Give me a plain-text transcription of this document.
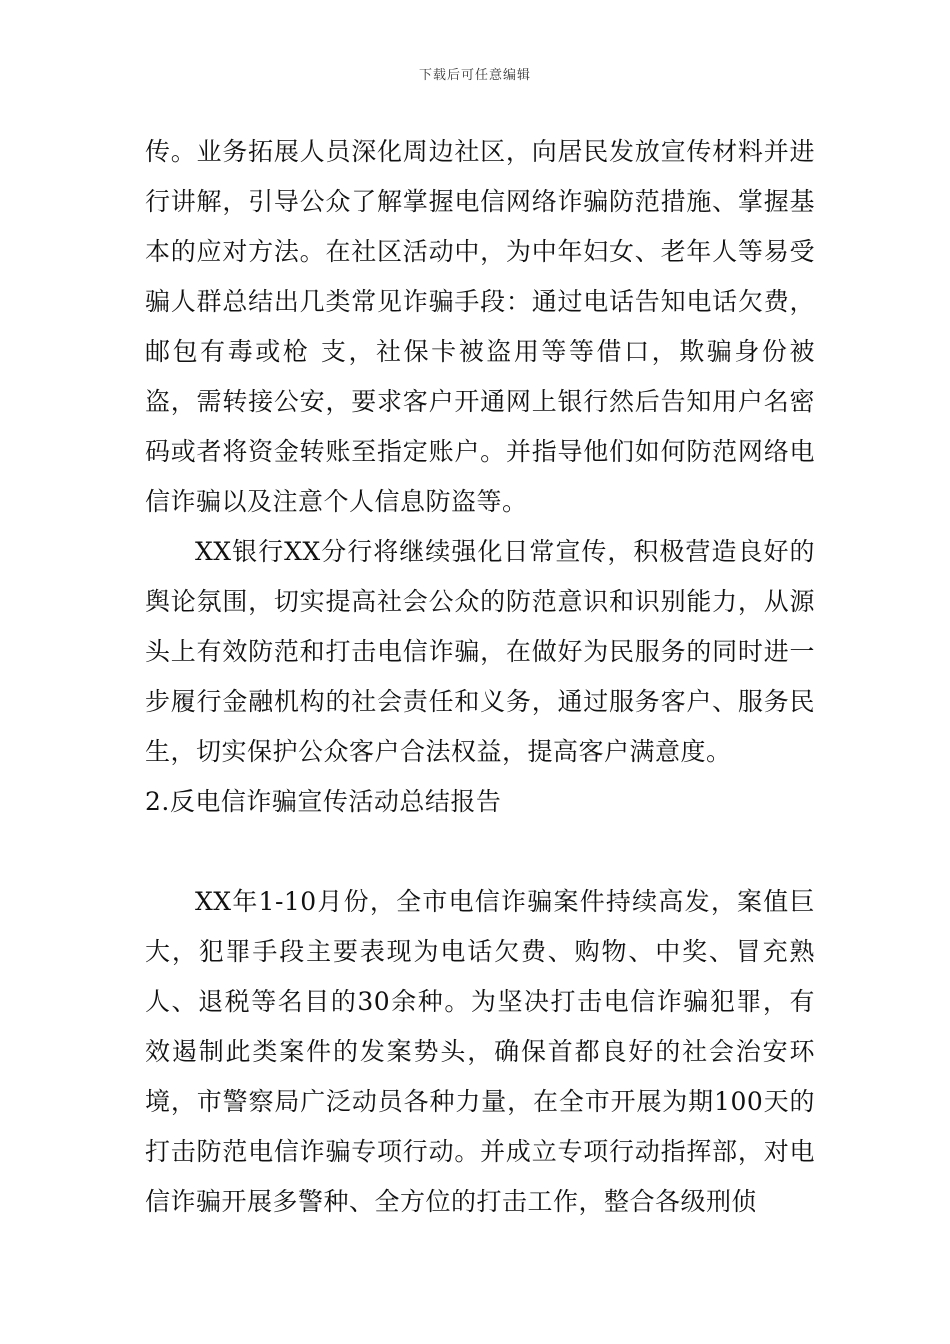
下载后可任意编辑

传。业务拓展人员深化周边社区，向居民发放宣传材料并进行讲解，引导公众了解掌握电信网络诈骗防范措施、掌握基本的应对方法。在社区活动中，为中年妇女、老年人等易受骗人群总结出几类常见诈骗手段：通过电话告知电话欠费，邮包有毒或枪 支，社保卡被盗用等等借口，欺骗身份被盗，需转接公安，要求客户开通网上银行然后告知用户名密码或者将资金转账至指定账户。并指导他们如何防范网络电信诈骗以及注意个人信息防盗等。

XX银行XX分行将继续强化日常宣传，积极营造良好的舆论氛围，切实提高社会公众的防范意识和识别能力，从源头上有效防范和打击电信诈骗，在做好为民服务的同时进一步履行金融机构的社会责任和义务，通过服务客户、服务民生，切实保护公众客户合法权益，提高客户满意度。

2.反电信诈骗宣传活动总结报告

XX年1-10月份，全市电信诈骗案件持续高发，案值巨大，犯罪手段主要表现为电话欠费、购物、中奖、冒充熟人、退税等名目的30余种。为坚决打击电信诈骗犯罪，有效遏制此类案件的发案势头，确保首都良好的社会治安环境，市警察局广泛动员各种力量，在全市开展为期100天的打击防范电信诈骗专项行动。并成立专项行动指挥部，对电信诈骗开展多警种、全方位的打击工作，整合各级刑侦
